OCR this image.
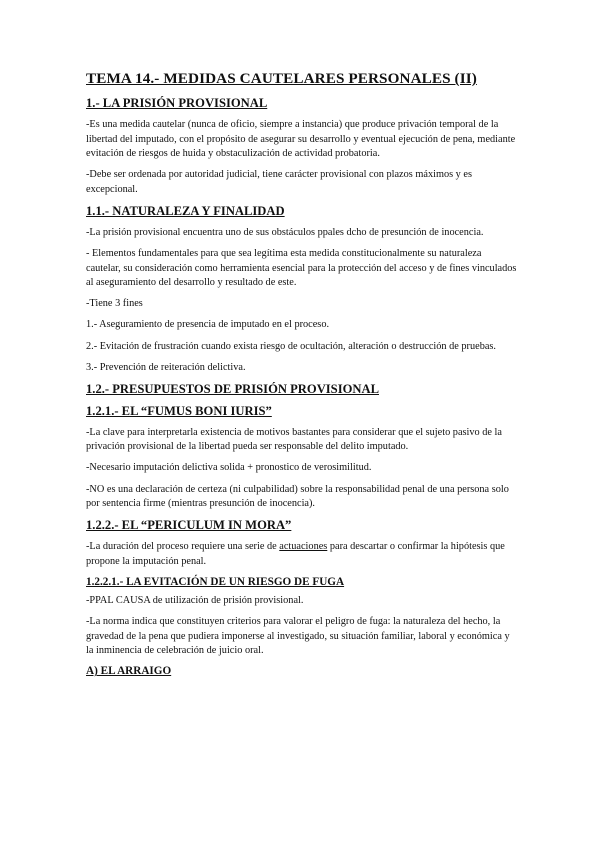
TEMA 14.- MEDIDAS CAUTELARES PERSONALES (II)
1.- LA PRISIÓN PROVISIONAL

-Es una medida cautelar (nunca de oficio, siempre a instancia) que produce privación temporal de la libertad del imputado, con el propósito de asegurar su desarrollo y eventual ejecución de pena, mediante evitación de riesgos de huida y obstaculización de actividad probatoria.

-Debe ser ordenada por autoridad judicial, tiene carácter provisional con plazos máximos y es excepcional.

1.1.- NATURALEZA Y FINALIDAD

-La prisión provisional encuentra uno de sus obstáculos ppales dcho de presunción de inocencia.

- Elementos fundamentales para que sea legítima esta medida constitucionalmente su naturaleza cautelar, su consideración como herramienta esencial para la protección del acceso y de fines vinculados al aseguramiento del desarrollo y resultado de este.

-Tiene 3 fines

1.- Aseguramiento de presencia de imputado en el proceso.

2.- Evitación de frustración cuando exista riesgo de ocultación, alteración o destrucción de pruebas.

3.- Prevención de reiteración delictiva.

1.2.- PRESUPUESTOS DE PRISIÓN PROVISIONAL
1.2.1.- EL “FUMUS BONI IURIS”

-La clave para interpretarla existencia de motivos bastantes para considerar que el sujeto pasivo de la privación provisional de la libertad pueda ser responsable del delito imputado.

-Necesario imputación delictiva solida + pronostico de verosimilitud.

-NO es una declaración de certeza (ni culpabilidad) sobre la responsabilidad penal de una persona solo por sentencia firme (mientras presunción de inocencia).

1.2.2.- EL “PERICULUM IN MORA”

-La duración del proceso requiere una serie de actuaciones para descartar o confirmar la hipótesis que propone la imputación penal.

1.2.2.1.- LA EVITACIÓN DE UN RIESGO DE FUGA

-PPAL CAUSA de utilización de prisión provisional.

-La norma indica que constituyen criterios para valorar el peligro de fuga: la naturaleza del hecho, la gravedad de la pena que pudiera imponerse al investigado, su situación familiar, laboral y económica y la inminencia de celebración de juicio oral.

A) EL ARRAIGO
